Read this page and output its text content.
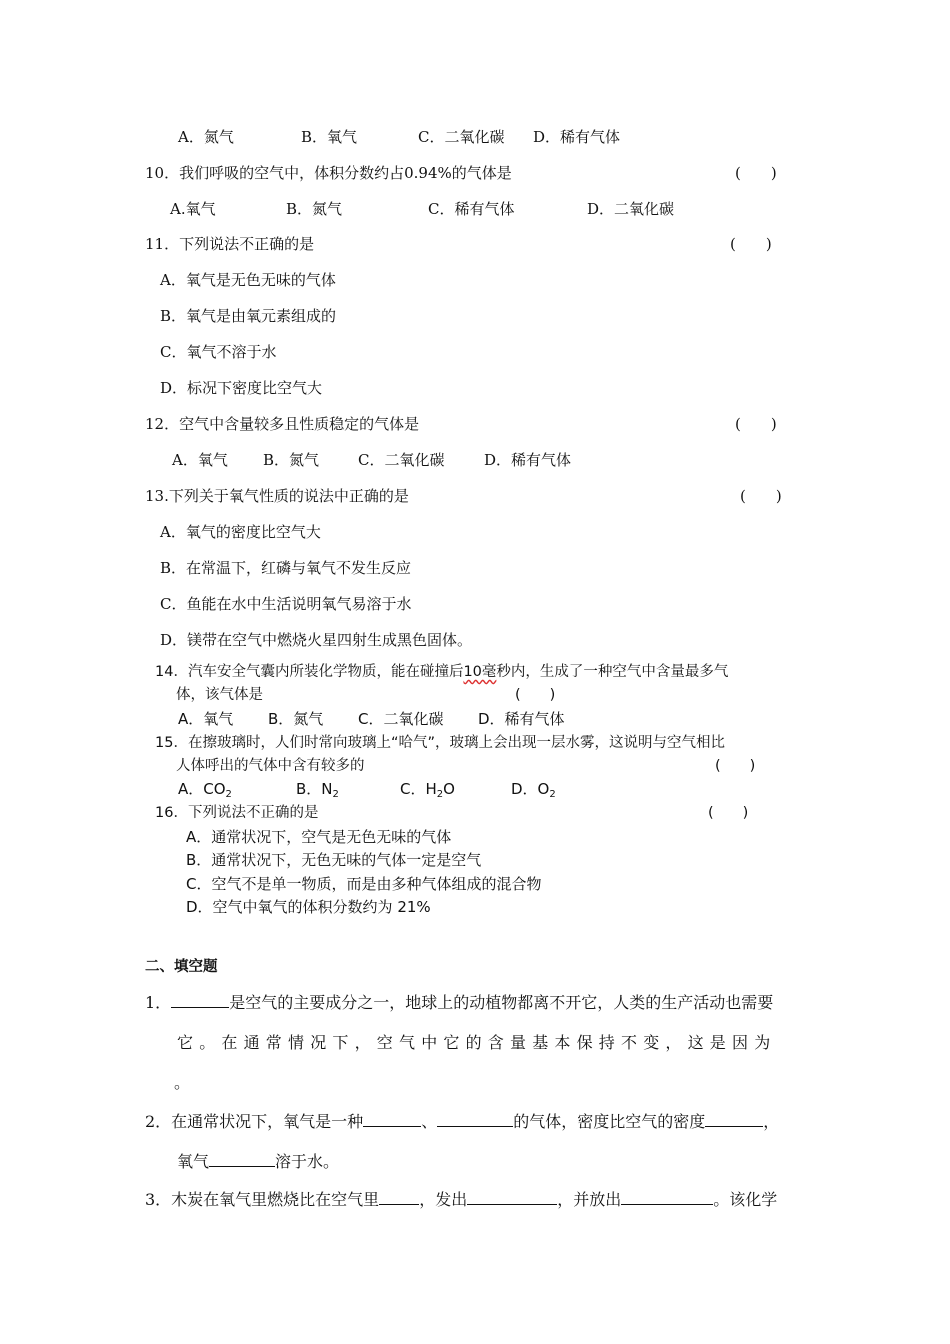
A．氮气	B．氧气	C．二氧化碳 D．稀有气体
10．我们呼吸的空气中，体积分数约占0.94%的气体是	(　　)
A.氧气	B．氮气	C．稀有气体	D．二氧化碳
11．下列说法不正确的是	(　　)
A．氧气是无色无味的气体
B．氧气是由氧元素组成的
C．氧气不溶于水
D．标况下密度比空气大
12．空气中含量较多且性质稳定的气体是	(　　)
A．氧气 B．氮气	C．二氧化碳	D．稀有气体
13.下列关于氧气性质的说法中正确的是	(　　)
A．氧气的密度比空气大
B．在常温下，红磷与氧气不发生反应
C．鱼能在水中生活说明氧气易溶于水
D．镁带在空气中燃烧火星四射生成黑色固体。
14．汽车安全气囊内所装化学物质，能在碰撞后10毫秒内，生成了一种空气中含量最多气
体，该气体是	(　　)
A．氧气 B．氮气 C．二氧化碳 D．稀有气体
15．在擦玻璃时，人们时常向玻璃上“哈气”，玻璃上会出现一层水雾，这说明与空气相比
人体呼出的气体中含有较多的	(　　)
A．$CO_2$	B．$N_2$	C．$H_2O$	D．$O_2$
16．下列说法不正确的是	(　　)
A．通常状况下，空气是无色无味的气体
B．通常状况下，无色无味的气体一定是空气
C．空气不是单一物质，而是由多种气体组成的混合物
D．空气中氧气的体积分数约为 21%
二、填空题
1．	是空气的主要成分之一，地球上的动植物都离不开它，人类的生产活动也需要
它。在通常情况下，空气中它的含量基本保持不变，这是因为
。
2．在通常状况下，氧气是一种	、	的气体，密度比空气的密度	，
氧气	溶于水。
3．木炭在氧气里燃烧比在空气里	，发出	，并放出	。该化学
